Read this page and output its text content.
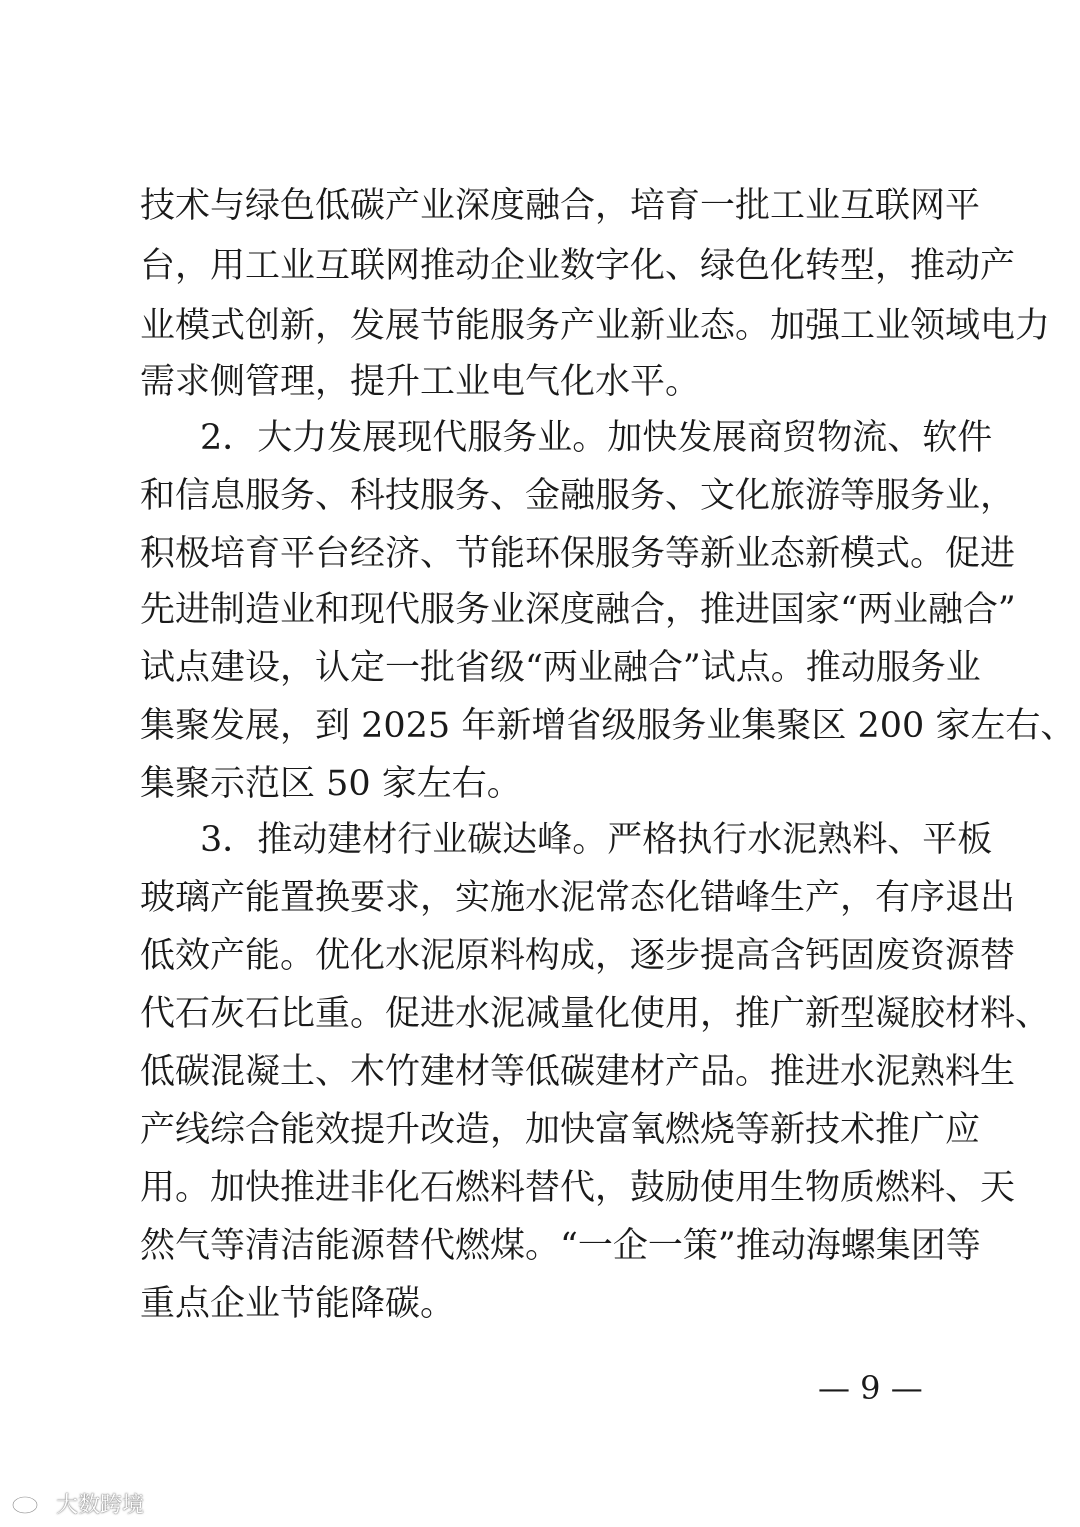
技术与绿色低碳产业深度融合，培育一批工业互联网平
台，用工业互联网推动企业数字化、绿色化转型，推动产
业模式创新，发展节能服务产业新业态。加强工业领域电力
需求侧管理，提升工业电气化水平。
2．大力发展现代服务业。加快发展商贸物流、软件
和信息服务、科技服务、金融服务、文化旅游等服务业，
积极培育平台经济、节能环保服务等新业态新模式。促进
先进制造业和现代服务业深度融合，推进国家“两业融合”
试点建设，认定一批省级“两业融合”试点。推动服务业
集聚发展，到 2025 年新增省级服务业集聚区 200 家左右、
集聚示范区 50 家左右。
3．推动建材行业碳达峰。严格执行水泥熟料、平板
玻璃产能置换要求，实施水泥常态化错峰生产，有序退出
低效产能。优化水泥原料构成，逐步提高含钙固废资源替
代石灰石比重。促进水泥减量化使用，推广新型凝胶材料、
低碳混凝土、木竹建材等低碳建材产品。推进水泥熟料生
产线综合能效提升改造，加快富氧燃烧等新技术推广应
用。加快推进非化石燃料替代，鼓励使用生物质燃料、天
然气等清洁能源替代燃煤。“一企一策”推动海螺集团等
重点企业节能降碳。
— 9 —
大数跨境
